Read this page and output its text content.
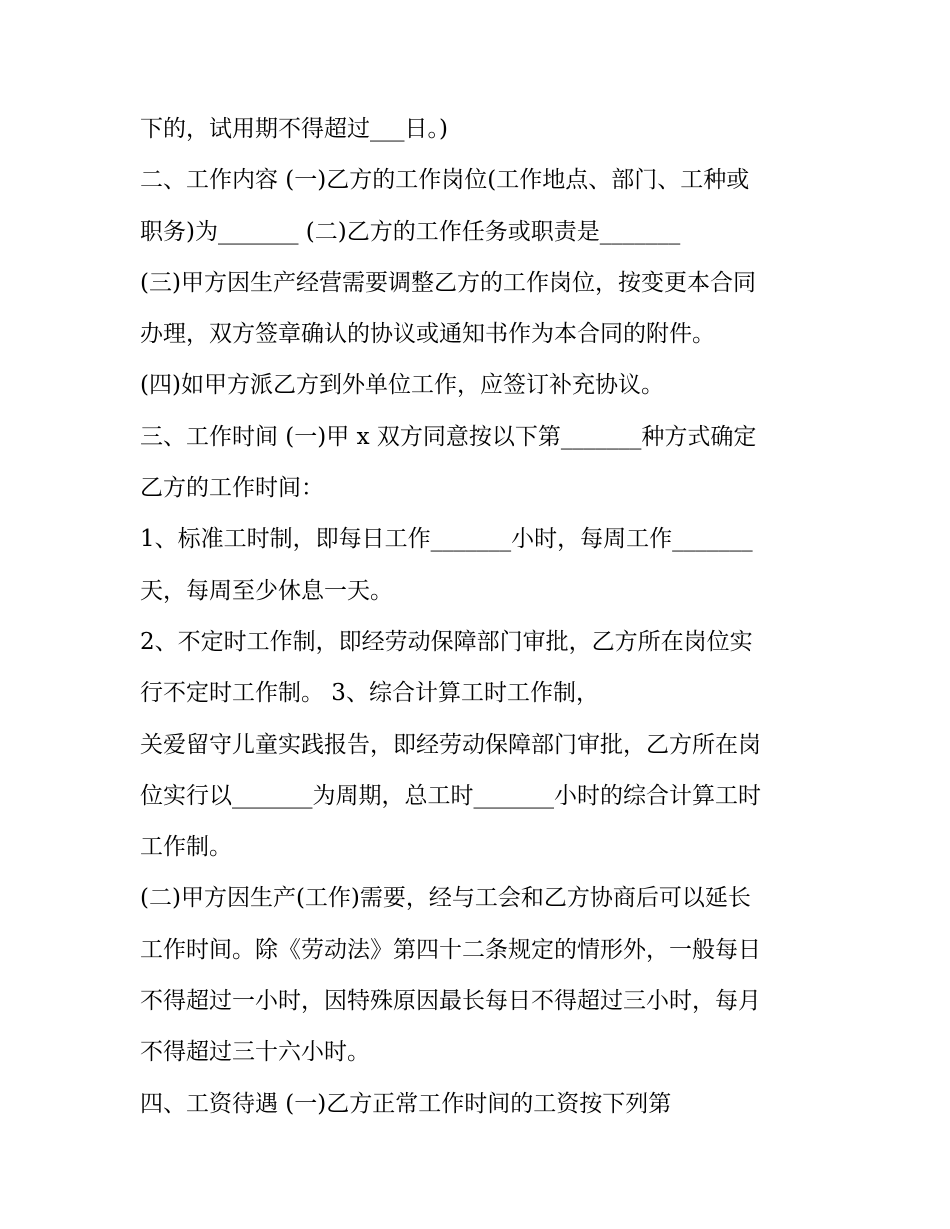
下的，试用期不得超过___日。)
二、工作内容 (一)乙方的工作岗位(工作地点、部门、工种或
职务)为_______ (二)乙方的工作任务或职责是_______
(三)甲方因生产经营需要调整乙方的工作岗位，按变更本合同
办理，双方签章确认的协议或通知书作为本合同的附件。
(四)如甲方派乙方到外单位工作，应签订补充协议。
三、工作时间 (一)甲 x 双方同意按以下第_______种方式确定
乙方的工作时间：
1、标准工时制，即每日工作_______小时，每周工作_______
天，每周至少休息一天。
2、不定时工作制，即经劳动保障部门审批，乙方所在岗位实
行不定时工作制。 3、综合计算工时工作制，
关爱留守儿童实践报告，即经劳动保障部门审批，乙方所在岗
位实行以_______为周期，总工时_______小时的综合计算工时
工作制。
(二)甲方因生产(工作)需要，经与工会和乙方协商后可以延长
工作时间。除《劳动法》第四十二条规定的情形外，一般每日
不得超过一小时，因特殊原因最长每日不得超过三小时，每月
不得超过三十六小时。
四、工资待遇 (一)乙方正常工作时间的工资按下列第
